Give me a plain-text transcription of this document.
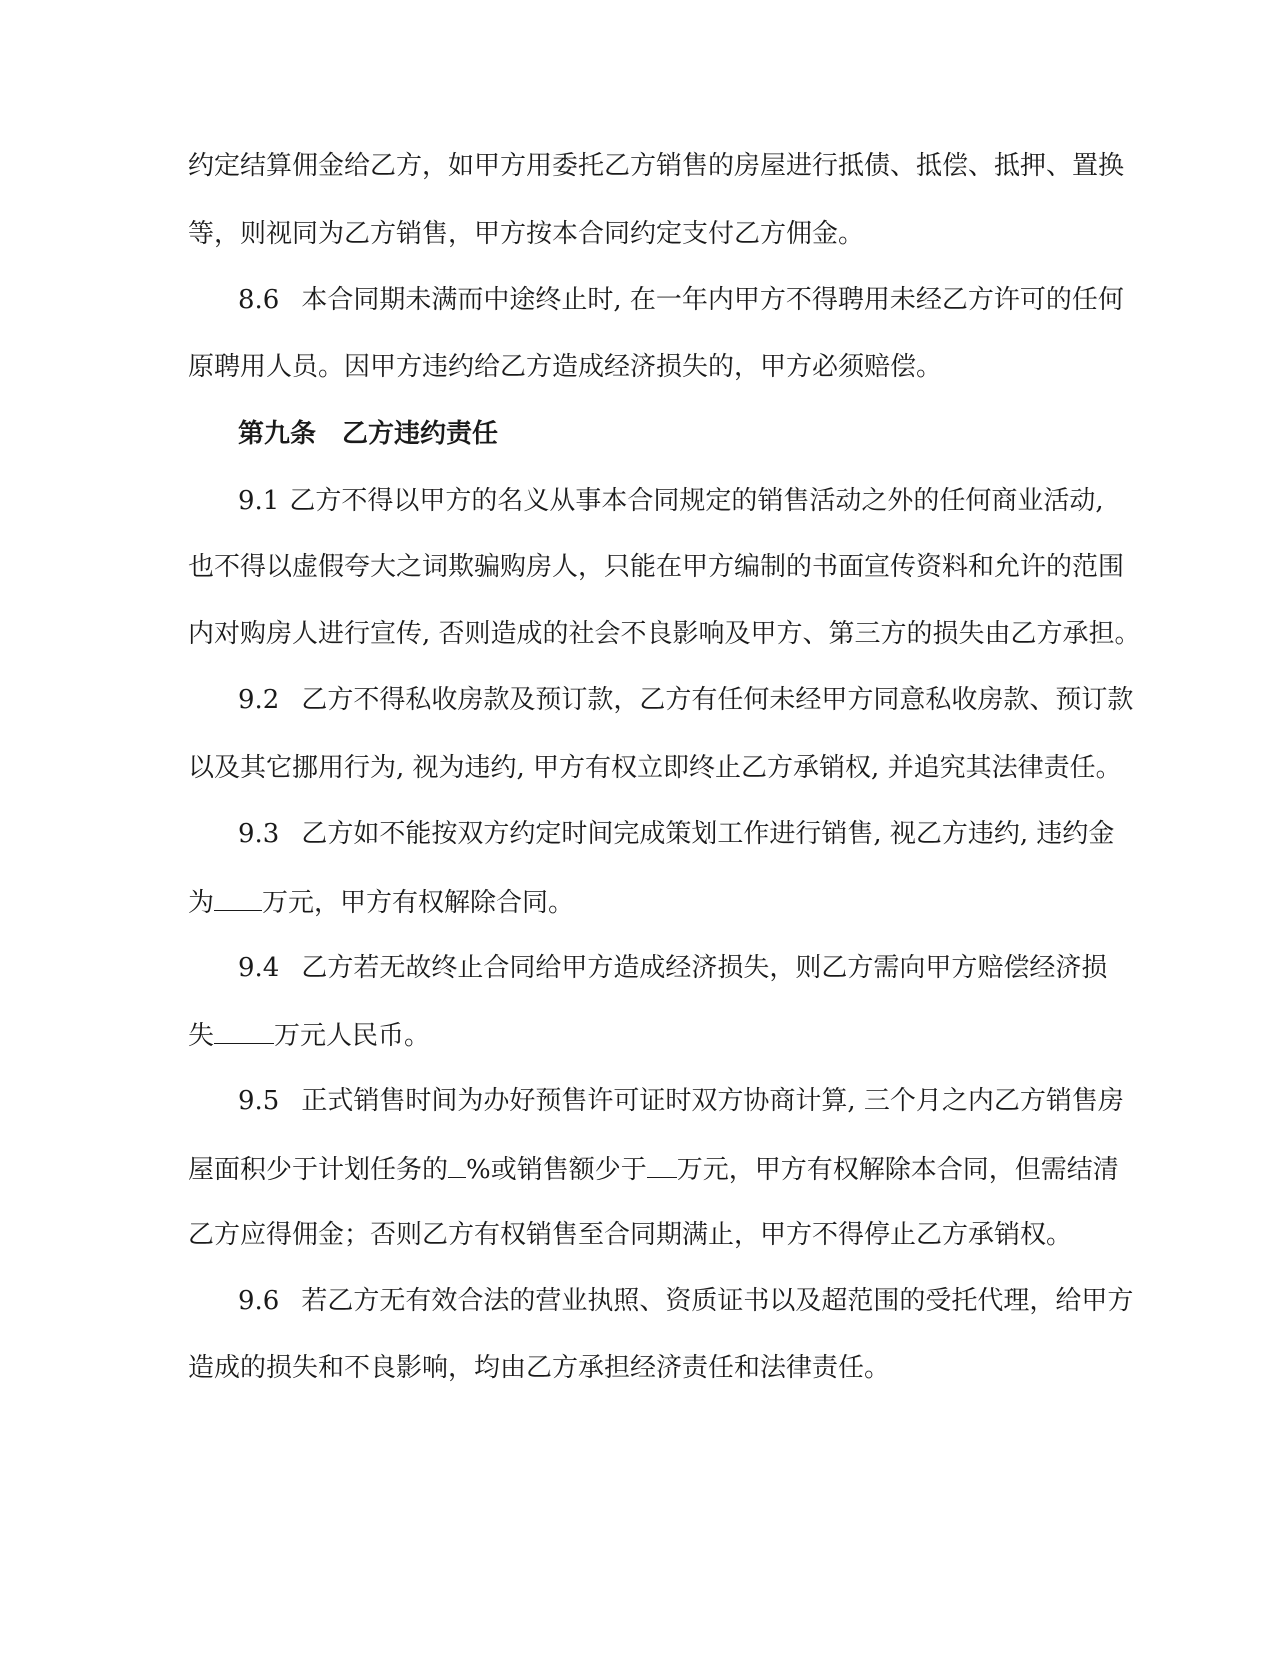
约定结算佣金给乙方，如甲方用委托乙方销售的房屋进行抵债、抵偿、抵押、置换
等，则视同为乙方销售，甲方按本合同约定支付乙方佣金。
8.6 本合同期未满而中途终止时, 在一年内甲方不得聘用未经乙方许可的任何
原聘用人员。因甲方违约给乙方造成经济损失的，甲方必须赔偿。
第九条　乙方违约责任
9.1 乙方不得以甲方的名义从事本合同规定的销售活动之外的任何商业活动,
也不得以虚假夸大之词欺骗购房人，只能在甲方编制的书面宣传资料和允许的范围
内对购房人进行宣传, 否则造成的社会不良影响及甲方、第三方的损失由乙方承担。
9.2 乙方不得私收房款及预订款，乙方有任何未经甲方同意私收房款、预订款
以及其它挪用行为, 视为违约, 甲方有权立即终止乙方承销权, 并追究其法律责任。
9.3 乙方如不能按双方约定时间完成策划工作进行销售, 视乙方违约, 违约金
为 万元，甲方有权解除合同。
9.4 乙方若无故终止合同给甲方造成经济损失，则乙方需向甲方赔偿经济损
失 万元人民币。
9.5 正式销售时间为办好预售许可证时双方协商计算, 三个月之内乙方销售房
屋面积少于计划任务的 %或销售额少于 万元，甲方有权解除本合同，但需结清
乙方应得佣金；否则乙方有权销售至合同期满止，甲方不得停止乙方承销权。
9.6 若乙方无有效合法的营业执照、资质证书以及超范围的受托代理，给甲方
造成的损失和不良影响，均由乙方承担经济责任和法律责任。
